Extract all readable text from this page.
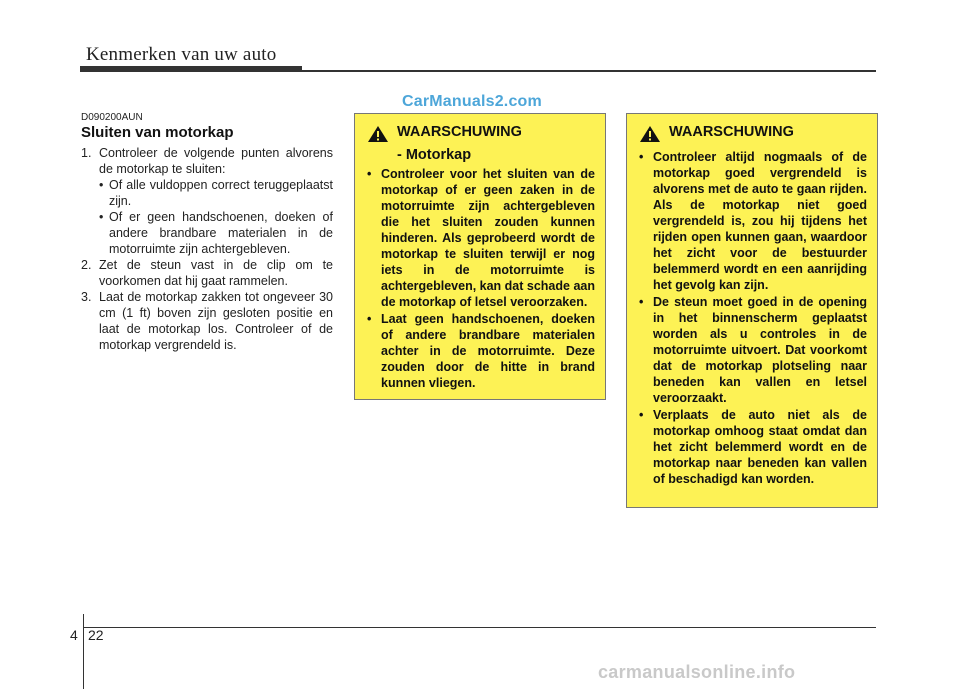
Kenmerken van uw auto
CarManuals2.com
D090200AUN
Sluiten van motorkap
1. Controleer de volgende punten alvorens de motorkap te sluiten:
• Of alle vuldoppen correct teruggeplaatst zijn.
• Of er geen handschoenen, doeken of andere brandbare materialen in de motorruimte zijn achtergebleven.
2. Zet de steun vast in de clip om te voorkomen dat hij gaat rammelen.
3. Laat de motorkap zakken tot ongeveer 30 cm (1 ft) boven zijn gesloten positie en laat de motorkap los. Controleer of de motorkap vergrendeld is.
WAARSCHUWING
- Motorkap
• Controleer voor het sluiten van de motorkap of er geen zaken in de motorruimte zijn achtergebleven die het sluiten zouden kunnen hinderen. Als geprobeerd wordt de motorkap te sluiten terwijl er nog iets in de motorruimte is achtergebleven, kan dat schade aan de motorkap of letsel veroorzaken.
• Laat geen handschoenen, doeken of andere brandbare materialen achter in de motorruimte. Deze zouden door de hitte in brand kunnen vliegen.
WAARSCHUWING
• Controleer altijd nogmaals of de motorkap goed vergrendeld is alvorens met de auto te gaan rijden. Als de motorkap niet goed vergrendeld is, zou hij tijdens het rijden open kunnen gaan, waardoor het zicht voor de bestuurder belemmerd wordt en een aanrijding het gevolg kan zijn.
• De steun moet goed in de opening in het binnenscherm geplaatst worden als u controles in de motorruimte uitvoert. Dat voorkomt dat de motorkap plotseling naar beneden kan vallen en letsel veroorzaakt.
• Verplaats de auto niet als de motorkap omhoog staat omdat dan het zicht belemmerd wordt en de motorkap naar beneden kan vallen of beschadigd kan worden.
4 22
carmanualsonline.info
